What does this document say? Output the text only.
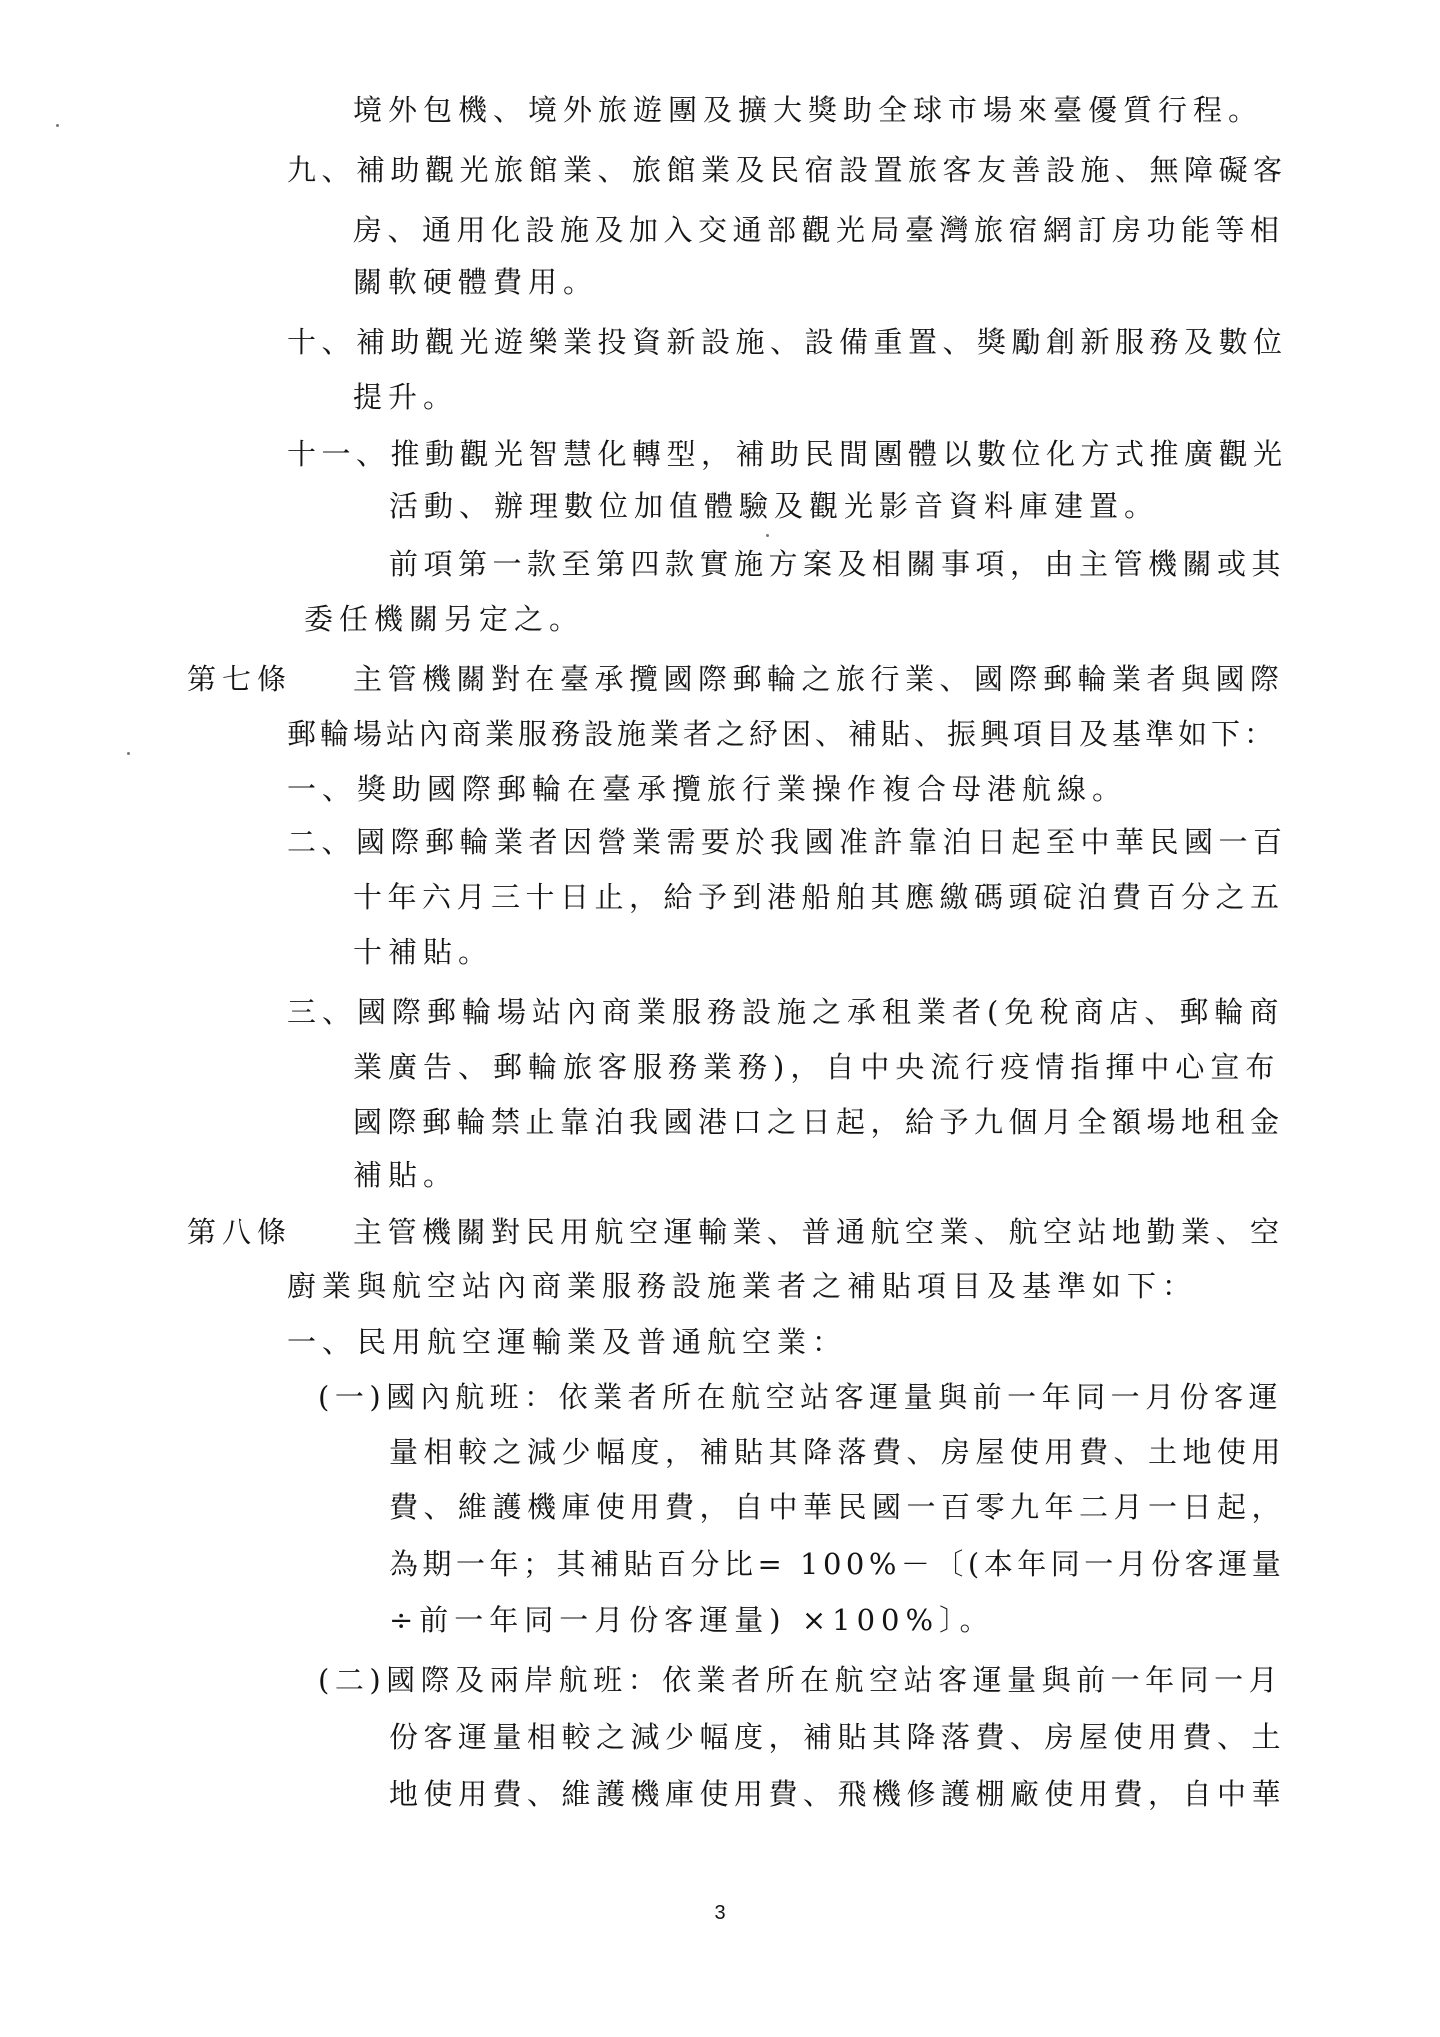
境外包機、境外旅遊團及擴大獎助全球市場來臺優質行程。
九、補助觀光旅館業、旅館業及民宿設置旅客友善設施、無障礙客
房、通用化設施及加入交通部觀光局臺灣旅宿網訂房功能等相
關軟硬體費用。
十、補助觀光遊樂業投資新設施、設備重置、獎勵創新服務及數位
提升。
十一、推動觀光智慧化轉型，補助民間團體以數位化方式推廣觀光
活動、辦理數位加值體驗及觀光影音資料庫建置。
前項第一款至第四款實施方案及相關事項，由主管機關或其
委任機關另定之。
第七條 主管機關對在臺承攬國際郵輪之旅行業、國際郵輪業者與國際
郵輪場站內商業服務設施業者之紓困、補貼、振興項目及基準如下：
一、獎助國際郵輪在臺承攬旅行業操作複合母港航線。
二、國際郵輪業者因營業需要於我國准許靠泊日起至中華民國一百
十年六月三十日止，給予到港船舶其應繳碼頭碇泊費百分之五
十補貼。
三、國際郵輪場站內商業服務設施之承租業者(免稅商店、郵輪商
業廣告、郵輪旅客服務業務)，自中央流行疫情指揮中心宣布
國際郵輪禁止靠泊我國港口之日起，給予九個月全額場地租金
補貼。
第八條 主管機關對民用航空運輸業、普通航空業、航空站地勤業、空
廚業與航空站內商業服務設施業者之補貼項目及基準如下：
一、民用航空運輸業及普通航空業：
(一)國內航班：依業者所在航空站客運量與前一年同一月份客運
量相較之減少幅度，補貼其降落費、房屋使用費、土地使用
費、維護機庫使用費，自中華民國一百零九年二月一日起，
為期一年；其補貼百分比= 100%－〔(本年同一月份客運量
÷前一年同一月份客運量) ×100%〕。
(二)國際及兩岸航班：依業者所在航空站客運量與前一年同一月
份客運量相較之減少幅度，補貼其降落費、房屋使用費、土
地使用費、維護機庫使用費、飛機修護棚廠使用費，自中華
3
